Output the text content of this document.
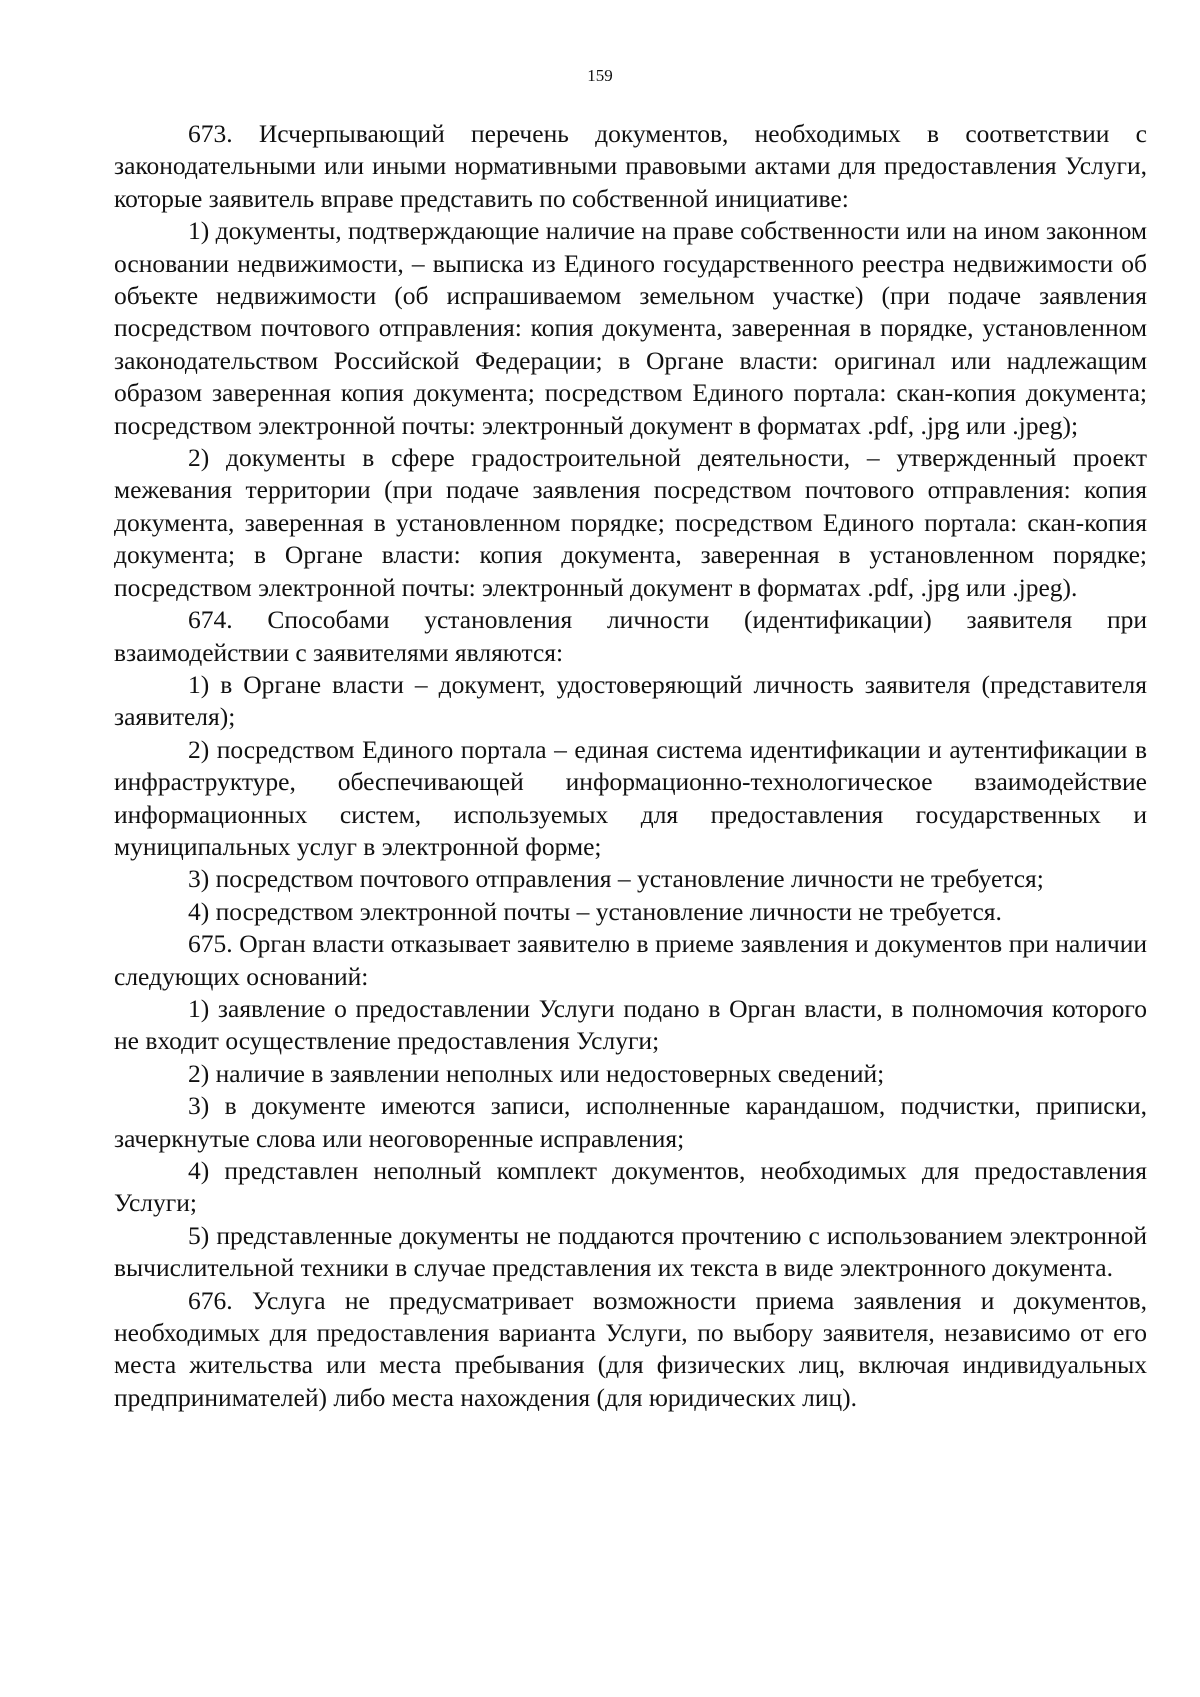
159

673. Исчерпывающий перечень документов, необходимых в соответствии с законодательными или иными нормативными правовыми актами для предоставления Услуги, которые заявитель вправе представить по собственной инициативе:

1) документы, подтверждающие наличие на праве собственности или на ином законном основании недвижимости, – выписка из Единого государственного реестра недвижимости об объекте недвижимости (об испрашиваемом земельном участке) (при подаче заявления посредством почтового отправления: копия документа, заверенная в порядке, установленном законодательством Российской Федерации; в Органе власти: оригинал или надлежащим образом заверенная копия документа; посредством Единого портала: скан-копия документа; посредством электронной почты: электронный документ в форматах .pdf, .jpg или .jpeg);

2) документы в сфере градостроительной деятельности, – утвержденный проект межевания территории (при подаче заявления посредством почтового отправления: копия документа, заверенная в установленном порядке; посредством Единого портала: скан-копия документа; в Органе власти: копия документа, заверенная в установленном порядке; посредством электронной почты: электронный документ в форматах .pdf, .jpg или .jpeg).

674. Способами установления личности (идентификации) заявителя при взаимодействии с заявителями являются:

1) в Органе власти – документ, удостоверяющий личность заявителя (представителя заявителя);

2) посредством Единого портала – единая система идентификации и аутентификации в инфраструктуре, обеспечивающей информационно-технологическое взаимодействие информационных систем, используемых для предоставления государственных и муниципальных услуг в электронной форме;

3) посредством почтового отправления – установление личности не требуется;

4) посредством электронной почты – установление личности не требуется.

675. Орган власти отказывает заявителю в приеме заявления и документов при наличии следующих оснований:

1) заявление о предоставлении Услуги подано в Орган власти, в полномочия которого не входит осуществление предоставления Услуги;

2) наличие в заявлении неполных или недостоверных сведений;

3) в документе имеются записи, исполненные карандашом, подчистки, приписки, зачеркнутые слова или неоговоренные исправления;

4) представлен неполный комплект документов, необходимых для предоставления Услуги;

5) представленные документы не поддаются прочтению с использованием электронной вычислительной техники в случае представления их текста в виде электронного документа.

676. Услуга не предусматривает возможности приема заявления и документов, необходимых для предоставления варианта Услуги, по выбору заявителя, независимо от его места жительства или места пребывания (для физических лиц, включая индивидуальных предпринимателей) либо места нахождения (для юридических лиц).
